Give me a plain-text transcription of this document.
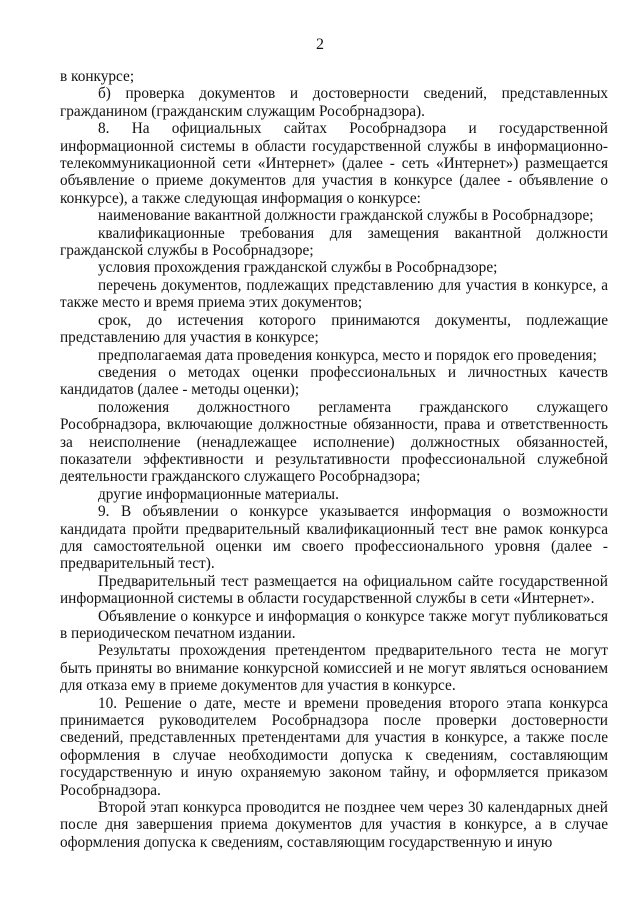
2

в конкурсе;

б) проверка документов и достоверности сведений, представленных гражданином (гражданским служащим Рособрнадзора).

8. На официальных сайтах Рособрнадзора и государственной информационной системы в области государственной службы в информационно-телекоммуникационной сети «Интернет» (далее - сеть «Интернет») размещается объявление о приеме документов для участия в конкурсе (далее - объявление о конкурсе), а также следующая информация о конкурсе:

наименование вакантной должности гражданской службы в Рособрнадзоре;

квалификационные требования для замещения вакантной должности гражданской службы в Рособрнадзоре;

условия прохождения гражданской службы в Рособрнадзоре;

перечень документов, подлежащих представлению для участия в конкурсе, а также место и время приема этих документов;

срок, до истечения которого принимаются документы, подлежащие представлению для участия в конкурсе;

предполагаемая дата проведения конкурса, место и порядок его проведения;

сведения о методах оценки профессиональных и личностных качеств кандидатов (далее - методы оценки);

положения должностного регламента гражданского служащего Рособрнадзора, включающие должностные обязанности, права и ответственность за неисполнение (ненадлежащее исполнение) должностных обязанностей, показатели эффективности и результативности профессиональной служебной деятельности гражданского служащего Рособрнадзора;

другие информационные материалы.

9. В объявлении о конкурсе указывается информация о возможности кандидата пройти предварительный квалификационный тест вне рамок конкурса для самостоятельной оценки им своего профессионального уровня (далее - предварительный тест).

Предварительный тест размещается на официальном сайте государственной информационной системы в области государственной службы в сети «Интернет».

Объявление о конкурсе и информация о конкурсе также могут публиковаться в периодическом печатном издании.

Результаты прохождения претендентом предварительного теста не могут быть приняты во внимание конкурсной комиссией и не могут являться основанием для отказа ему в приеме документов для участия в конкурсе.

10. Решение о дате, месте и времени проведения второго этапа конкурса принимается руководителем Рособрнадзора после проверки достоверности сведений, представленных претендентами для участия в конкурсе, а также после оформления в случае необходимости допуска к сведениям, составляющим государственную и иную охраняемую законом тайну, и оформляется приказом Рособрнадзора.

Второй этап конкурса проводится не позднее чем через 30 календарных дней после дня завершения приема документов для участия в конкурсе, а в случае оформления допуска к сведениям, составляющим государственную и иную
